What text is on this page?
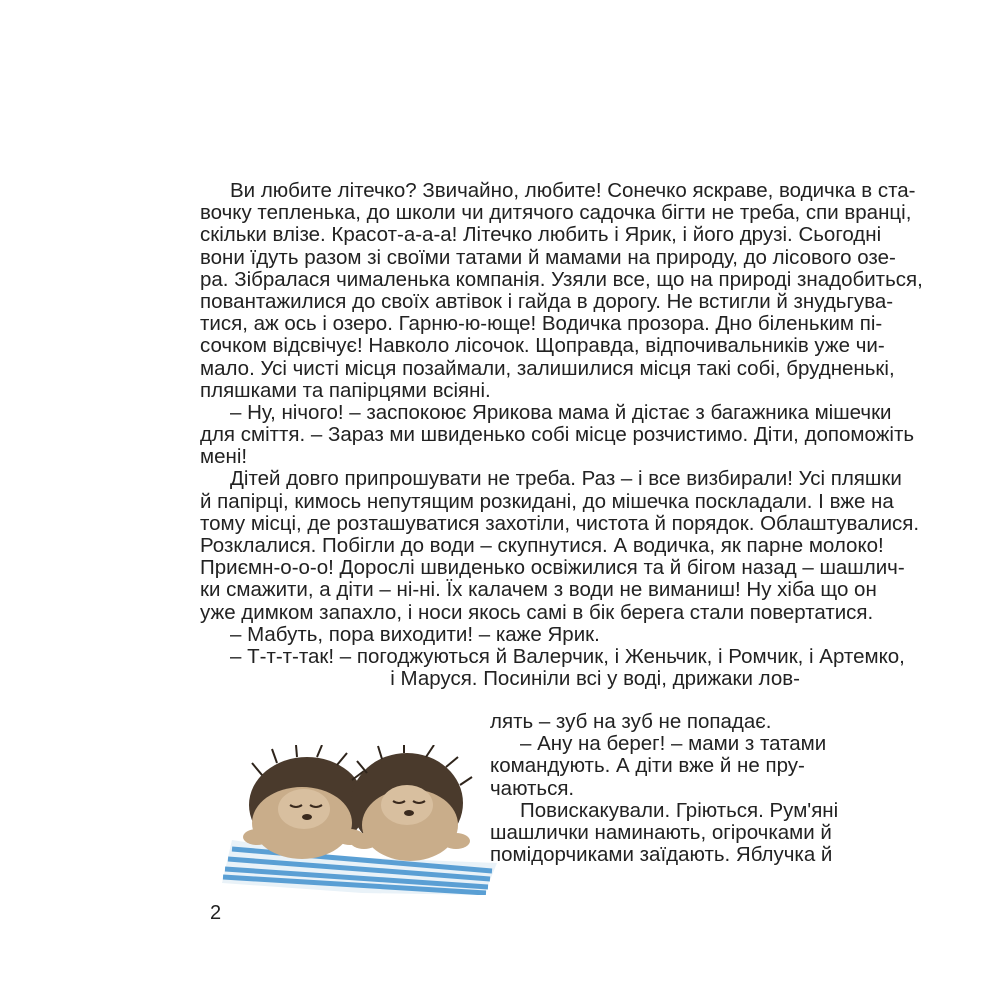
Ви любите літечко? Звичайно, любите! Сонечко яскраве, водичка в ста-
вочку тепленька, до школи чи дитячого садочка бігти не треба, спи вранці,
скільки влізе. Красот-а-а-а! Літечко любить і Ярик, і його друзі. Сьогодні
вони їдуть разом зі своїми татами й мамами на природу, до лісового озе-
ра. Зібралася чималенька компанія. Узяли все, що на природі знадобиться,
повантажилися до своїх автівок і гайда в дорогу. Не встигли й знудьгува-
тися, аж ось і озеро. Гарню-ю-юще! Водичка прозора. Дно біленьким пі-
сочком відсвічує! Навколо лісочок. Щоправда, відпочивальників уже чи-
мало. Усі чисті місця позаймали, залишилися місця такі собі, брудненькі,
пляшками та папірцями всіяні.
– Ну, нічого! – заспокоює Ярикова мама й дістає з багажника мішечки
для сміття. – Зараз ми швиденько собі місце розчистимо. Діти, допоможіть
мені!
Дітей довго припрошувати не треба. Раз – і все визбирали! Усі пляшки
й папірці, кимось непутящим розкидані, до мішечка поскладали. І вже на
тому місці, де розташуватися захотіли, чистота й порядок. Облаштувалися.
Розклалися. Побігли до води – скупнутися. А водичка, як парне молоко!
Приємн-о-о-о! Дорослі швиденько освіжилися та й бігом назад – шашлич-
ки смажити, а діти – ні-ні. Їх калачем з води не виманиш! Ну хіба що он
уже димком запахло, і носи якось самі в бік берега стали повертатися.
– Мабуть, пора виходити! – каже Ярик.
– Т-т-т-так! – погоджуються й Валерчик, і Женьчик, і Ромчик, і Артемко,
і Маруся. Посиніли всі у воді, дрижаки лов-
лять – зуб на зуб не попадає.
– Ану на берег! – мами з татами
командують. А діти вже й не пру-
чаються.
Повискакували. Гріються. Рум'яні
шашлички наминають, огірочками й
помідорчиками заїдають. Яблучка й
2
